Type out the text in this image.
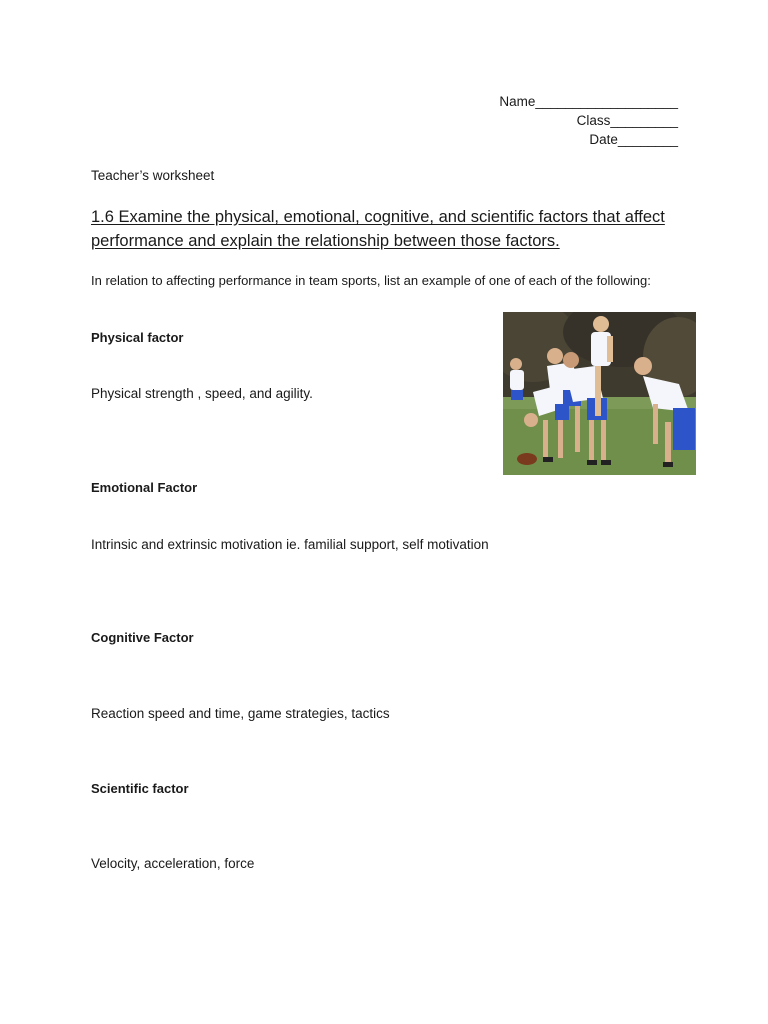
Name___________________
Class_________
Date________
Teacher’s worksheet
1.6 Examine the physical, emotional, cognitive, and scientific factors that affect performance and explain the relationship between those factors.
In relation to affecting performance in team sports, list an example of one of each of the following:
Physical factor
Physical strength , speed, and agility.
Emotional Factor
Intrinsic and extrinsic motivation ie. familial support, self motivation
Cognitive Factor
Reaction speed and time, game strategies, tactics
Scientific factor
Velocity, acceleration, force
